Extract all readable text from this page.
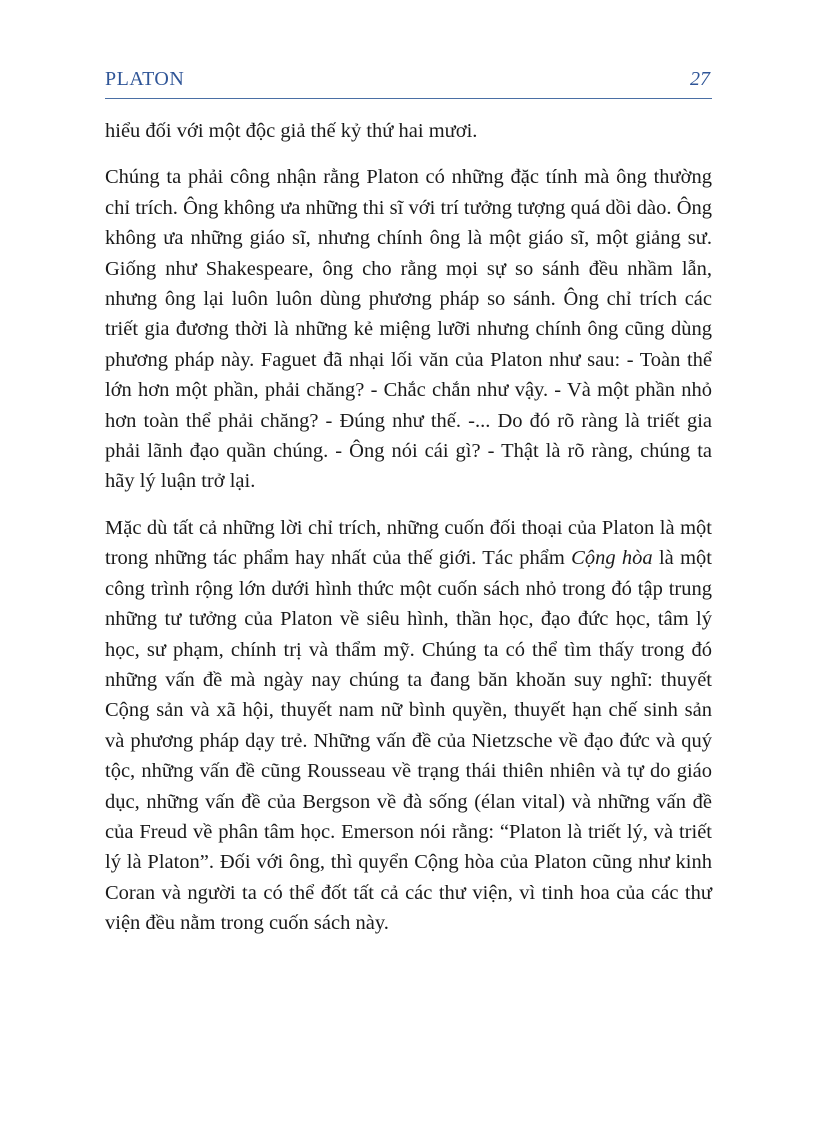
PLATON	27

hiểu đối với một độc giả thế kỷ thứ hai mươi.

Chúng ta phải công nhận rằng Platon có những đặc tính mà ông thường chỉ trích. Ông không ưa những thi sĩ với trí tưởng tượng quá dồi dào. Ông không ưa những giáo sĩ, nhưng chính ông là một giáo sĩ, một giảng sư. Giống như Shakespeare, ông cho rằng mọi sự so sánh đều nhầm lẫn, nhưng ông lại luôn luôn dùng phương pháp so sánh. Ông chỉ trích các triết gia đương thời là những kẻ miệng lưỡi nhưng chính ông cũng dùng phương pháp này. Faguet đã nhại lối văn của Platon như sau: - Toàn thể lớn hơn một phần, phải chăng? - Chắc chắn như vậy. - Và một phần nhỏ hơn toàn thể phải chăng? - Đúng như thế. -... Do đó rõ ràng là triết gia phải lãnh đạo quần chúng. - Ông nói cái gì? - Thật là rõ ràng, chúng ta hãy lý luận trở lại.

Mặc dù tất cả những lời chỉ trích, những cuốn đối thoại của Platon là một trong những tác phẩm hay nhất của thế giới. Tác phẩm Cộng hòa là một công trình rộng lớn dưới hình thức một cuốn sách nhỏ trong đó tập trung những tư tưởng của Platon về siêu hình, thần học, đạo đức học, tâm lý học, sư phạm, chính trị và thẩm mỹ. Chúng ta có thể tìm thấy trong đó những vấn đề mà ngày nay chúng ta đang băn khoăn suy nghĩ: thuyết Cộng sản và xã hội, thuyết nam nữ bình quyền, thuyết hạn chế sinh sản và phương pháp dạy trẻ. Những vấn đề của Nietzsche về đạo đức và quý tộc, những vấn đề cũng Rousseau về trạng thái thiên nhiên và tự do giáo dục, những vấn đề của Bergson về đà sống (élan vital) và những vấn đề của Freud về phân tâm học. Emerson nói rằng: “Platon là triết lý, và triết lý là Platon”. Đối với ông, thì quyển Cộng hòa của Platon cũng như kinh Coran và người ta có thể đốt tất cả các thư viện, vì tinh hoa của các thư viện đều nằm trong cuốn sách này.
